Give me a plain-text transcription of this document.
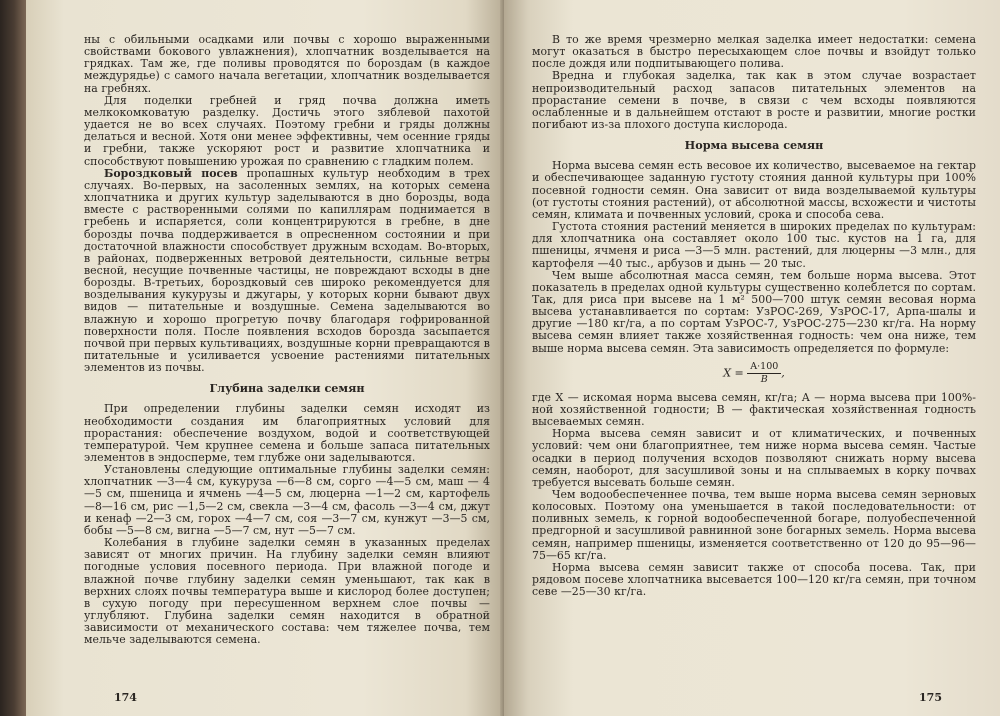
ны с обильными осадками или почвы с хорошо выраженными свойствами бокового увлажнения), хлопчатник возделывается на грядках. Там же, где поливы проводятся по бороздам (в каждое междурядье) с самого начала вегетации, хлопчатник возделывается на гребнях.

Для поделки гребней и гряд почва должна иметь мелкокомковатую разделку. Достичь этого зяблевой пахотой удается не во всех случаях. Поэтому гребни и гряды должны делаться и весной. Хотя они менее эффективны, чем осенние гряды и гребни, также ускоряют рост и развитие хлопчатника и способствуют повышению урожая по сравнению с гладким полем.

Бороздковый посев пропашных культур необходим в трех случаях. Во-первых, на засоленных землях, на которых семена хлопчатника и других культур заделываются в дно борозды, вода вместе с растворенными солями по капиллярам поднимается в гребень и испаряется, соли концентрируются в гребне, в дне борозды почва поддерживается в опресненном состоянии и при достаточной влажности способствует дружным всходам. Во-вторых, в районах, подверженных ветровой деятельности, сильные ветры весной, несущие почвенные частицы, не повреждают всходы в дне борозды. В-третьих, бороздковый сев широко рекомендуется для возделывания кукурузы и джугары, у которых корни бывают двух видов — питательные и воздушные. Семена заделываются во влажную и хорошо прогретую почву благодаря гофрированной поверхности поля. После появления всходов борозда засыпается почвой при первых культивациях, воздушные корни превращаются в питательные и усиливается усвоение растениями питательных элементов из почвы.

Глубина заделки семян

При определении глубины заделки семян исходят из необходимости создания им благоприятных условий для прорастания: обеспечение воздухом, водой и соответствующей температурой. Чем крупнее семена и больше запаса питательных элементов в эндосперме, тем глубже они заделываются.

Установлены следующие оптимальные глубины заделки семян: хлопчатник —3—4 см, кукуруза —6—8 см, сорго —4—5 см, маш — 4—5 см, пшеница и ячмень —4—5 см, люцерна —1—2 см, картофель —8—16 см, рис —1,5—2 см, свекла —3—4 см, фасоль —3—4 см, джут и кенаф —2—3 см, горох —4—7 см, соя —3—7 см, кунжут —3—5 см, бобы —5—8 см, вигна —5—7 см, нут —5—7 см.

Колебания в глубине заделки семян в указанных пределах зависят от многих причин. На глубину заделки семян влияют погодные условия посевного периода. При влажной погоде и влажной почве глубину заделки семян уменьшают, так как в верхних слоях почвы температура выше и кислород более доступен; в сухую погоду при пересушенном верхнем слое почвы — углубляют. Глубина заделки семян находится в обратной зависимости от механического состава: чем тяжелее почва, тем мельче заделываются семена.

174

В то же время чрезмерно мелкая заделка имеет недостатки: семена могут оказаться в быстро пересыхающем слое почвы и взойдут только после дождя или подпитывающего полива.

Вредна и глубокая заделка, так как в этом случае возрастает непроизводительный расход запасов питательных элементов на прорастание семени в почве, в связи с чем всходы появляются ослабленные и в дальнейшем отстают в росте и развитии, многие ростки погибают из-за плохого доступа кислорода.

Норма высева семян

Норма высева семян есть весовое их количество, высеваемое на гектар и обеспечивающее заданную густоту стояния данной культуры при 100% посевной годности семян. Она зависит от вида возделываемой культуры (от густоты стояния растений), от абсолютной массы, всхожести и чистоты семян, климата и почвенных условий, срока и способа сева.

Густота стояния растений меняется в широких пределах по культурам: для хлопчатника она составляет около 100 тыс. кустов на 1 га, для пшеницы, ячменя и риса —3—5 млн. растений, для люцерны —3 млн., для картофеля —40 тыс., арбузов и дынь — 20 тыс.

Чем выше абсолютная масса семян, тем больше норма высева. Этот показатель в пределах одной культуры существенно колеблется по сортам. Так, для риса при высеве на 1 м² 500—700 штук семян весовая норма высева устанавливается по сортам: УзРОС-269, УзРОС-17, Арпа-шалы и другие —180 кг/га, а по сортам УзРОС-7, УзРОС-275—230 кг/га. На норму высева семян влияет также хозяйственная годность: чем она ниже, тем выше норма высева семян. Эта зависимость определяется по формуле:

$X = \frac{A\cdot 100}{B}$ ,

где X — искомая норма высева семян, кг/га; A — норма высева при 100%-ной хозяйственной годности; B — фактическая хозяйственная годность высеваемых семян.

Норма высева семян зависит и от климатических, и почвенных условий: чем они благоприятнее, тем ниже норма высева семян. Частые осадки в период получения всходов позволяют снижать норму высева семян, наоборот, для засушливой зоны и на сплываемых в корку почвах требуется высевать больше семян.

Чем водообеспеченнее почва, тем выше норма высева семян зерновых колосовых. Поэтому она уменьшается в такой последовательности: от поливных земель, к горной водообеспеченной богаре, полуобеспеченной предгорной и засушливой равнинной зоне богарных земель. Норма высева семян, например пшеницы, изменяется соответственно от 120 до 95—96—75—65 кг/га.

Норма высева семян зависит также от способа посева. Так, при рядовом посеве хлопчатника высевается 100—120 кг/га семян, при точном севе —25—30 кг/га.

175
